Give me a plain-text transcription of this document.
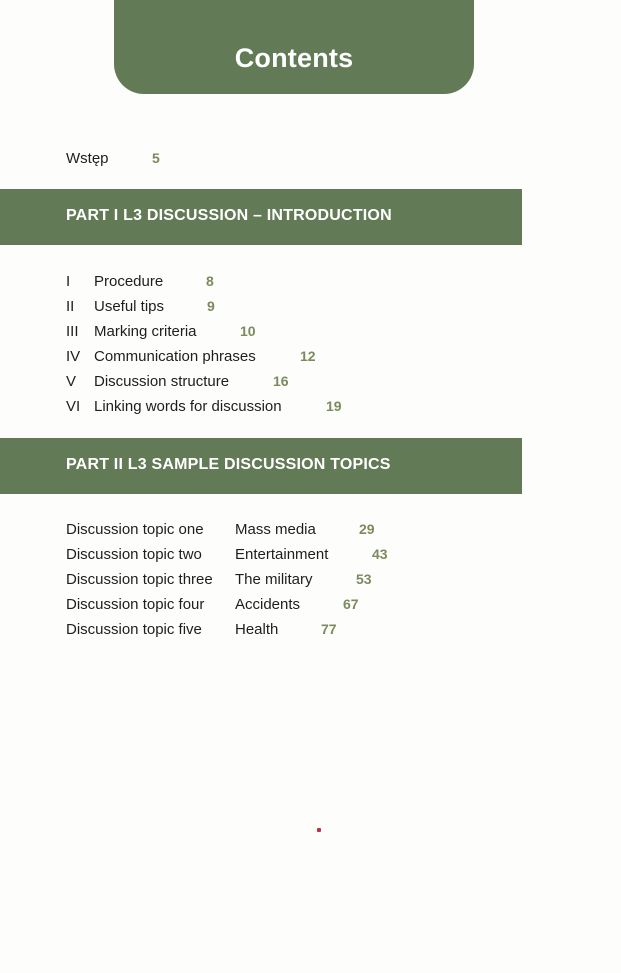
Contents
Wstęp	5
PART I L3 DISCUSSION – INTRODUCTION
I Procedure	8
II Useful tips	9
III Marking criteria	10
IV Communication phrases	12
V Discussion structure	16
VI Linking words for discussion	19
PART II L3 SAMPLE DISCUSSION TOPICS
Discussion topic one Mass media	29
Discussion topic two Entertainment	43
Discussion topic three The military	53
Discussion topic four Accidents	67
Discussion topic five Health	77
